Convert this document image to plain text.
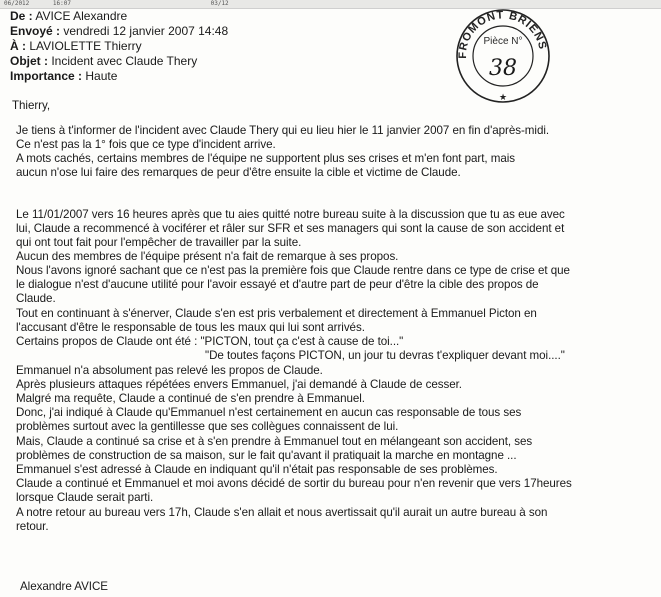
06/2012	16:07	03/12
De : AVICE Alexandre
Envoyé : vendredi 12 janvier 2007 14:48
À : LAVIOLETTE Thierry
Objet : Incident avec Claude Thery
Importance : Haute
FROMONT BRIENS
★
Pièce N°
38
Thierry,
Je tiens à t'informer de l'incident avec Claude Thery qui eu lieu hier le 11 janvier 2007 en fin d'après-midi.
Ce n'est pas la 1° fois que ce type d'incident arrive.
A mots cachés, certains membres de l'équipe ne supportent plus ses crises et m'en font part, mais
aucun n'ose lui faire des remarques de peur d'être ensuite la cible et victime de Claude.
Le 11/01/2007 vers 16 heures après que tu aies quitté notre bureau suite à la discussion que tu as eue avec
lui, Claude a recommencé à vociférer et râler sur SFR et ses managers qui sont la cause de son accident et
qui ont tout fait pour l'empêcher de travailler par la suite.
Aucun des membres de l'équipe présent n'a fait de remarque à ses propos.
Nous l'avons ignoré sachant que ce n'est pas la première fois que Claude rentre dans ce type de crise et que
le dialogue n'est d'aucune utilité pour l'avoir essayé et d'autre part de peur d'être la cible des propos de
Claude.
Tout en continuant à s'énerver, Claude s'en est pris verbalement et directement à Emmanuel Picton en
l'accusant d'être le responsable de tous les maux qui lui sont arrivés.
Certains propos de Claude ont été : "PICTON, tout ça c'est à cause de toi..."
"De toutes façons PICTON, un jour tu devras t'expliquer devant moi...."
Emmanuel n'a absolument pas relevé les propos de Claude.
Après plusieurs attaques répétées envers Emmanuel, j'ai demandé à Claude de cesser.
Malgré ma requête, Claude a continué de s'en prendre à Emmanuel.
Donc, j'ai indiqué à Claude qu'Emmanuel n'est certainement en aucun cas responsable de tous ses
problèmes surtout avec la gentillesse que ses collègues connaissent de lui.
Mais, Claude a continué sa crise et à s'en prendre à Emmanuel tout en mélangeant son accident, ses
problèmes de construction de sa maison, sur le fait qu'avant il pratiquait la marche en montagne ...
Emmanuel s'est adressé à Claude en indiquant qu'il n'était pas responsable de ses problèmes.
Claude a continué et Emmanuel et moi avons décidé de sortir du bureau pour n'en revenir que vers 17heures
lorsque Claude serait parti.
A notre retour au bureau vers 17h, Claude s'en allait et nous avertissait qu'il aurait un autre bureau à son
retour.
Alexandre AVICE
